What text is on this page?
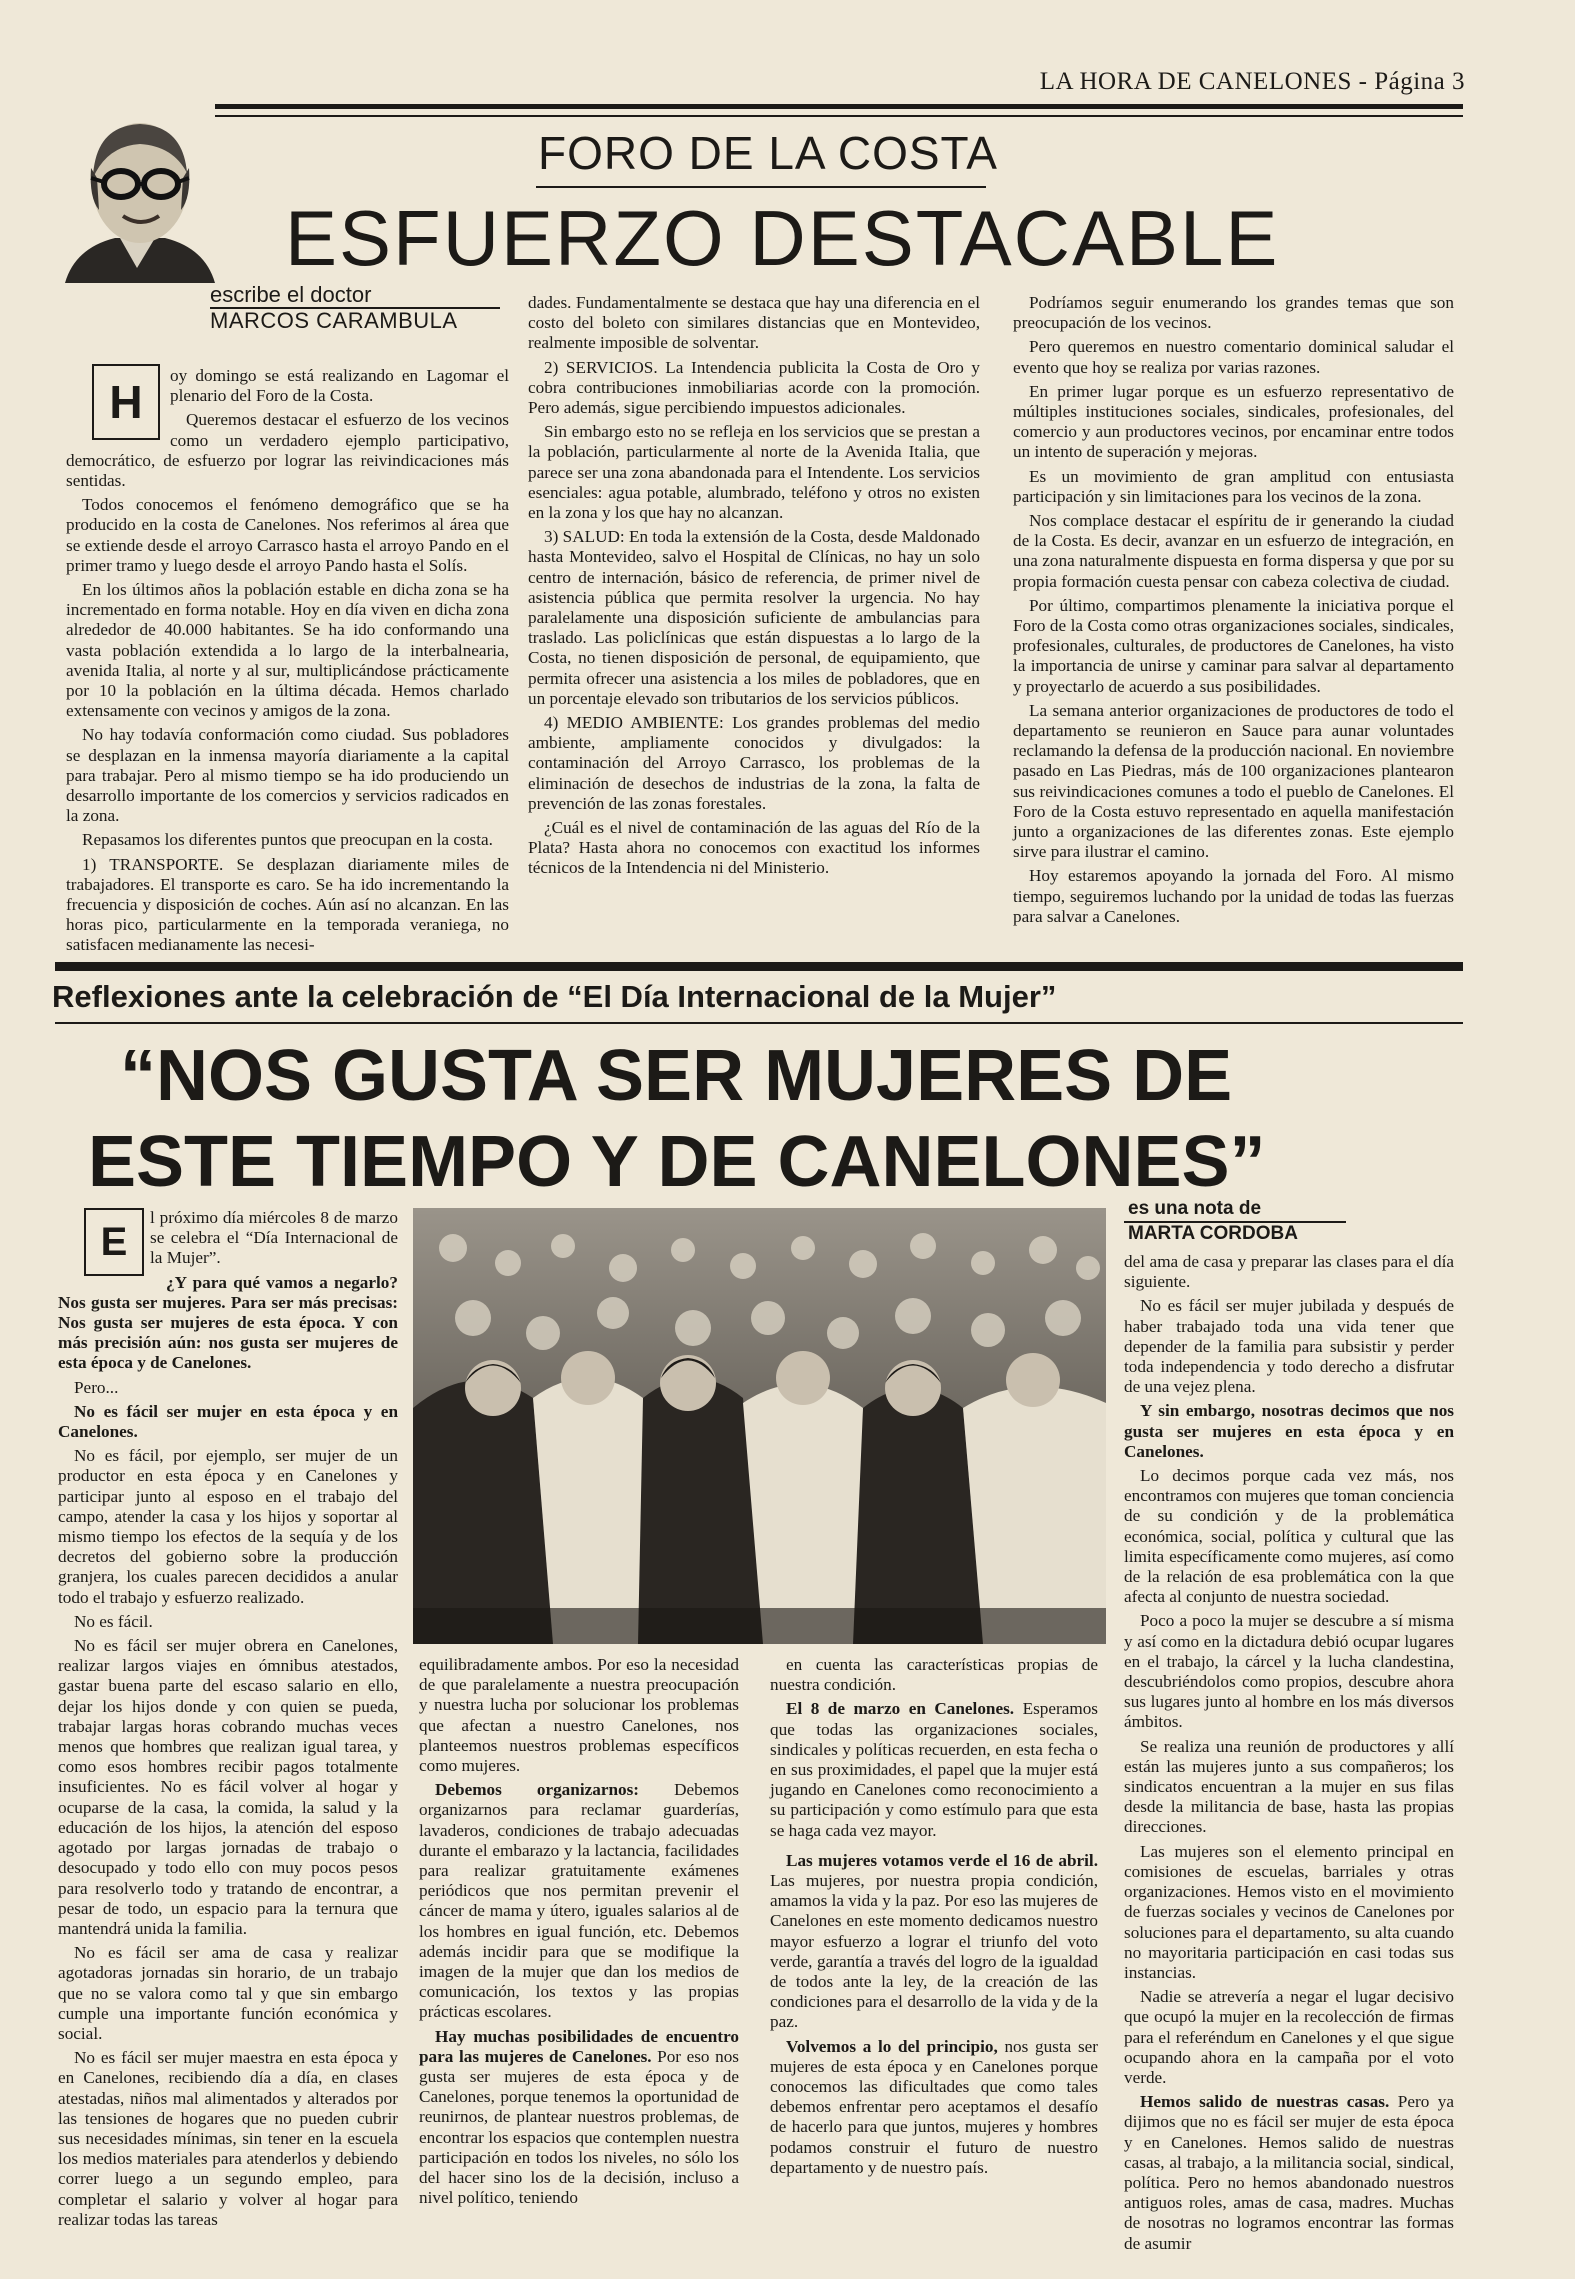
LA HORA DE CANELONES - Página 3
FORO DE LA COSTA
ESFUERZO DESTACABLE
escribe el doctor
MARCOS CARAMBULA
H

oy domingo se está realizando en Lagomar el plenario del Foro de la Costa.

Queremos destacar el esfuerzo de los vecinos como un verdadero ejemplo participativo, democrático, de esfuerzo por lograr las reivindicaciones más sentidas.

Todos conocemos el fenómeno demográfico que se ha producido en la costa de Canelones. Nos referimos al área que se extiende desde el arroyo Carrasco hasta el arroyo Pando en el primer tramo y luego desde el arroyo Pando hasta el Solís.

En los últimos años la población estable en dicha zona se ha incrementado en forma notable. Hoy en día viven en dicha zona alrededor de 40.000 habitantes. Se ha ido conformando una vasta población extendida a lo largo de la interbalnearia, avenida Italia, al norte y al sur, multiplicándose prácticamente por 10 la población en la última década. Hemos charlado extensamente con vecinos y amigos de la zona.

No hay todavía conformación como ciudad. Sus pobladores se desplazan en la inmensa mayoría diariamente a la capital para trabajar. Pero al mismo tiempo se ha ido produciendo un desarrollo importante de los comercios y servicios radicados en la zona.

Repasamos los diferentes puntos que preocupan en la costa.

1) TRANSPORTE. Se desplazan diariamente miles de trabajadores. El transporte es caro. Se ha ido incrementando la frecuencia y disposición de coches. Aún así no alcanzan. En las horas pico, particularmente en la temporada veraniega, no satisfacen medianamente las necesi-

dades. Fundamentalmente se destaca que hay una diferencia en el costo del boleto con similares distancias que en Montevideo, realmente imposible de solventar.

2) SERVICIOS. La Intendencia publicita la Costa de Oro y cobra contribuciones inmobiliarias acorde con la promoción. Pero además, sigue percibiendo impuestos adicionales.

Sin embargo esto no se refleja en los servicios que se prestan a la población, particularmente al norte de la Avenida Italia, que parece ser una zona abandonada para el Intendente. Los servicios esenciales: agua potable, alumbrado, teléfono y otros no existen en la zona y los que hay no alcanzan.

3) SALUD: En toda la extensión de la Costa, desde Maldonado hasta Montevideo, salvo el Hospital de Clínicas, no hay un solo centro de internación, básico de referencia, de primer nivel de asistencia pública que permita resolver la urgencia. No hay paralelamente una disposición suficiente de ambulancias para traslado. Las policlínicas que están dispuestas a lo largo de la Costa, no tienen disposición de personal, de equipamiento, que permita ofrecer una asistencia a los miles de pobladores, que en un porcentaje elevado son tributarios de los servicios públicos.

4) MEDIO AMBIENTE: Los grandes problemas del medio ambiente, ampliamente conocidos y divulgados: la contaminación del Arroyo Carrasco, los problemas de la eliminación de desechos de industrias de la zona, la falta de prevención de las zonas forestales.

¿Cuál es el nivel de contaminación de las aguas del Río de la Plata? Hasta ahora no conocemos con exactitud los informes técnicos de la Intendencia ni del Ministerio.

Podríamos seguir enumerando los grandes temas que son preocupación de los vecinos.

Pero queremos en nuestro comentario dominical saludar el evento que hoy se realiza por varias razones.

En primer lugar porque es un esfuerzo representativo de múltiples instituciones sociales, sindicales, profesionales, del comercio y aun productores vecinos, por encaminar entre todos un intento de superación y mejoras.

Es un movimiento de gran amplitud con entusiasta participación y sin limitaciones para los vecinos de la zona.

Nos complace destacar el espíritu de ir generando la ciudad de la Costa. Es decir, avanzar en un esfuerzo de integración, en una zona naturalmente dispuesta en forma dispersa y que por su propia formación cuesta pensar con cabeza colectiva de ciudad.

Por último, compartimos plenamente la iniciativa porque el Foro de la Costa como otras organizaciones sociales, sindicales, profesionales, culturales, de productores de Canelones, ha visto la importancia de unirse y caminar para salvar al departamento y proyectarlo de acuerdo a sus posibilidades.

La semana anterior organizaciones de productores de todo el departamento se reunieron en Sauce para aunar voluntades reclamando la defensa de la producción nacional. En noviembre pasado en Las Piedras, más de 100 organizaciones plantearon sus reivindicaciones comunes a todo el pueblo de Canelones. El Foro de la Costa estuvo representado en aquella manifestación junto a organizaciones de las diferentes zonas. Este ejemplo sirve para ilustrar el camino.

Hoy estaremos apoyando la jornada del Foro. Al mismo tiempo, seguiremos luchando por la unidad de todas las fuerzas para salvar a Canelones.

Reflexiones ante la celebración de “El Día Internacional de la Mujer”
“NOS GUSTA SER MUJERES DE
ESTE TIEMPO Y DE CANELONES”
es una nota de
MARTA CORDOBA
E

l próximo día miércoles 8 de marzo se celebra el “Día Internacional de la Mujer”.

¿Y para qué vamos a negarlo? Nos gusta ser mujeres. Para ser más precisas: Nos gusta ser mujeres de esta época. Y con más precisión aún: nos gusta ser mujeres de esta época y de Canelones.

Pero...

No es fácil ser mujer en esta época y en Canelones.

No es fácil, por ejemplo, ser mujer de un productor en esta época y en Canelones y participar junto al esposo en el trabajo del campo, atender la casa y los hijos y soportar al mismo tiempo los efectos de la sequía y de los decretos del gobierno sobre la producción granjera, los cuales parecen decididos a anular todo el trabajo y esfuerzo realizado.

No es fácil.

No es fácil ser mujer obrera en Canelones, realizar largos viajes en ómnibus atestados, gastar buena parte del escaso salario en ello, dejar los hijos donde y con quien se pueda, trabajar largas horas cobrando muchas veces menos que hombres que realizan igual tarea, y como esos hombres recibir pagos totalmente insuficientes. No es fácil volver al hogar y ocuparse de la casa, la comida, la salud y la educación de los hijos, la atención del esposo agotado por largas jornadas de trabajo o desocupado y todo ello con muy pocos pesos para resolverlo todo y tratando de encontrar, a pesar de todo, un espacio para la ternura que mantendrá unida la familia.

No es fácil ser ama de casa y realizar agotadoras jornadas sin horario, de un trabajo que no se valora como tal y que sin embargo cumple una importante función económica y social.

No es fácil ser mujer maestra en esta época y en Canelones, recibiendo día a día, en clases atestadas, niños mal alimentados y alterados por las tensiones de hogares que no pueden cubrir sus necesidades mínimas, sin tener en la escuela los medios materiales para atenderlos y debiendo correr luego a un segundo empleo, para completar el salario y volver al hogar para realizar todas las tareas

equilibradamente ambos. Por eso la necesidad de que paralelamente a nuestra preocupación y nuestra lucha por solucionar los problemas que afectan a nuestro Canelones, nos planteemos nuestros problemas específicos como mujeres.

Debemos organizarnos: Debemos organizarnos para reclamar guarderías, lavaderos, condiciones de trabajo adecuadas durante el embarazo y la lactancia, facilidades para realizar gratuitamente exámenes periódicos que nos permitan prevenir el cáncer de mama y útero, iguales salarios al de los hombres en igual función, etc. Debemos además incidir para que se modifique la imagen de la mujer que dan los medios de comunicación, los textos y las propias prácticas escolares.

Hay muchas posibilidades de encuentro para las mujeres de Canelones. Por eso nos gusta ser mujeres de esta época y de Canelones, porque tenemos la oportunidad de reunirnos, de plantear nuestros problemas, de encontrar los espacios que contemplen nuestra participación en todos los niveles, no sólo los del hacer sino los de la decisión, incluso a nivel político, teniendo

en cuenta las características propias de nuestra condición.

El 8 de marzo en Canelones. Esperamos que todas las organizaciones sociales, sindicales y políticas recuerden, en esta fecha o en sus proximidades, el papel que la mujer está jugando en Canelones como reconocimiento a su participación y como estímulo para que esta se haga cada vez mayor.

Las mujeres votamos verde el 16 de abril. Las mujeres, por nuestra propia condición, amamos la vida y la paz. Por eso las mujeres de Canelones en este momento dedicamos nuestro mayor esfuerzo a lograr el triunfo del voto verde, garantía a través del logro de la igualdad de todos ante la ley, de la creación de las condiciones para el desarrollo de la vida y de la paz.

Volvemos a lo del principio, nos gusta ser mujeres de esta época y en Canelones porque conocemos las dificultades que como tales debemos enfrentar pero aceptamos el desafío de hacerlo para que juntos, mujeres y hombres podamos construir el futuro de nuestro departamento y de nuestro país.

del ama de casa y preparar las clases para el día siguiente.

No es fácil ser mujer jubilada y después de haber trabajado toda una vida tener que depender de la familia para subsistir y perder toda independencia y todo derecho a disfrutar de una vejez plena.

Y sin embargo, nosotras decimos que nos gusta ser mujeres en esta época y en Canelones.

Lo decimos porque cada vez más, nos encontramos con mujeres que toman conciencia de su condición y de la problemática económica, social, política y cultural que las limita específicamente como mujeres, así como de la relación de esa problemática con la que afecta al conjunto de nuestra sociedad.

Poco a poco la mujer se descubre a sí misma y así como en la dictadura debió ocupar lugares en el trabajo, la cárcel y la lucha clandestina, descubriéndolos como propios, descubre ahora sus lugares junto al hombre en los más diversos ámbitos.

Se realiza una reunión de productores y allí están las mujeres junto a sus compañeros; los sindicatos encuentran a la mujer en sus filas desde la militancia de base, hasta las propias direcciones.

Las mujeres son el elemento principal en comisiones de escuelas, barriales y otras organizaciones. Hemos visto en el movimiento de fuerzas sociales y vecinos de Canelones por soluciones para el departamento, su alta cuando no mayoritaria participación en casi todas sus instancias.

Nadie se atrevería a negar el lugar decisivo que ocupó la mujer en la recolección de firmas para el referéndum en Canelones y el que sigue ocupando ahora en la campaña por el voto verde.

Hemos salido de nuestras casas. Pero ya dijimos que no es fácil ser mujer de esta época y en Canelones. Hemos salido de nuestras casas, al trabajo, a la militancia social, sindical, política. Pero no hemos abandonado nuestros antiguos roles, amas de casa, madres. Muchas de nosotras no logramos encontrar las formas de asumir
